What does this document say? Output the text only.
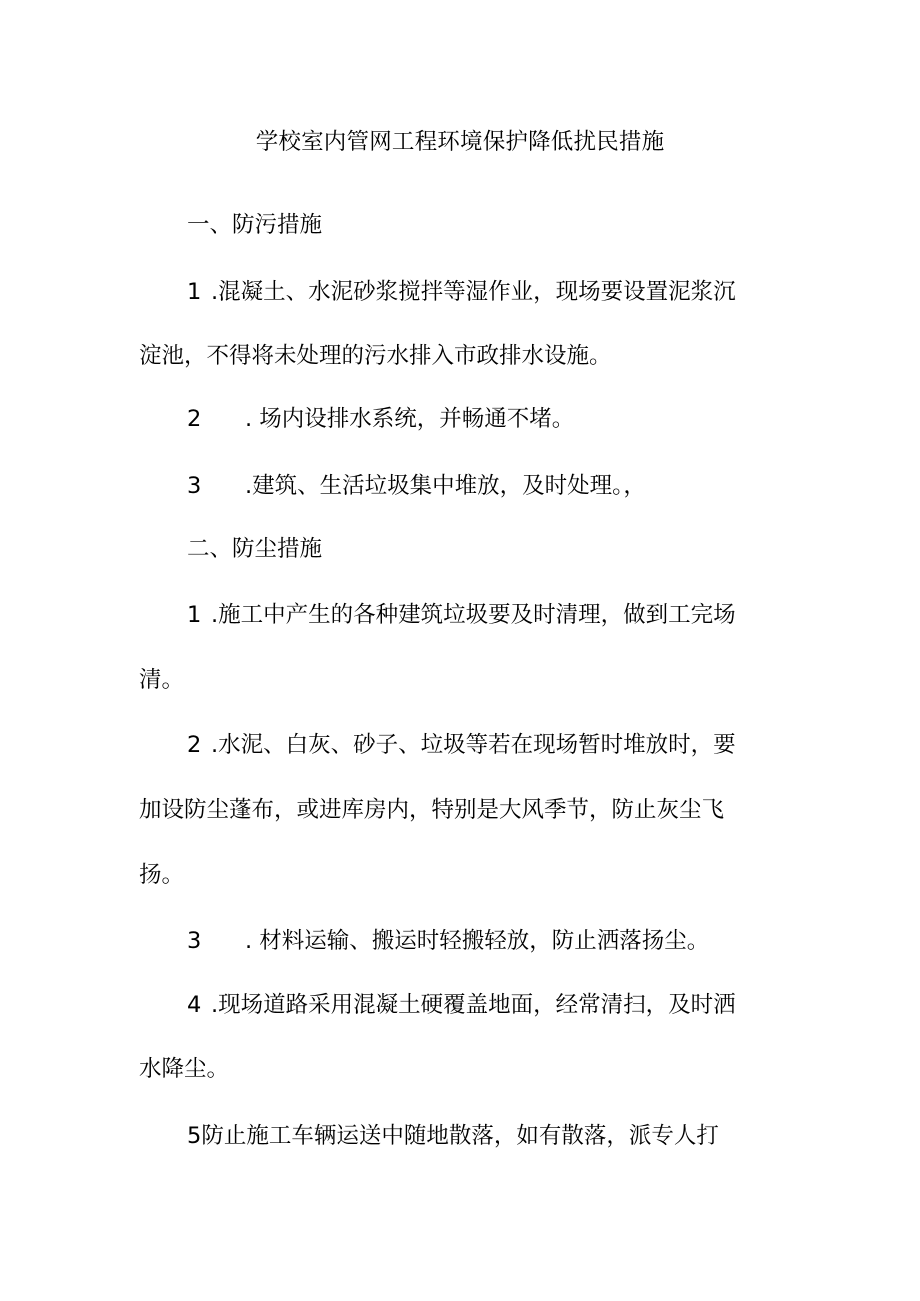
学校室内管网工程环境保护降低扰民措施
一、防污措施
1 .混凝土、水泥砂浆搅拌等湿作业，现场要设置泥浆沉
淀池，不得将未处理的污水排入市政排水设施。
2 . 场内设排水系统，并畅通不堵。
3 .建筑、生活垃圾集中堆放，及时处理。，
二、防尘措施
1 .施工中产生的各种建筑垃圾要及时清理，做到工完场
清。
2 .水泥、白灰、砂子、垃圾等若在现场暂时堆放时，要
加设防尘蓬布，或进库房内，特别是大风季节，防止灰尘飞
扬。
3 . 材料运输、搬运时轻搬轻放，防止洒落扬尘。
4 .现场道路采用混凝土硬覆盖地面，经常清扫，及时洒
水降尘。
5防止施工车辆运送中随地散落，如有散落，派专人打
